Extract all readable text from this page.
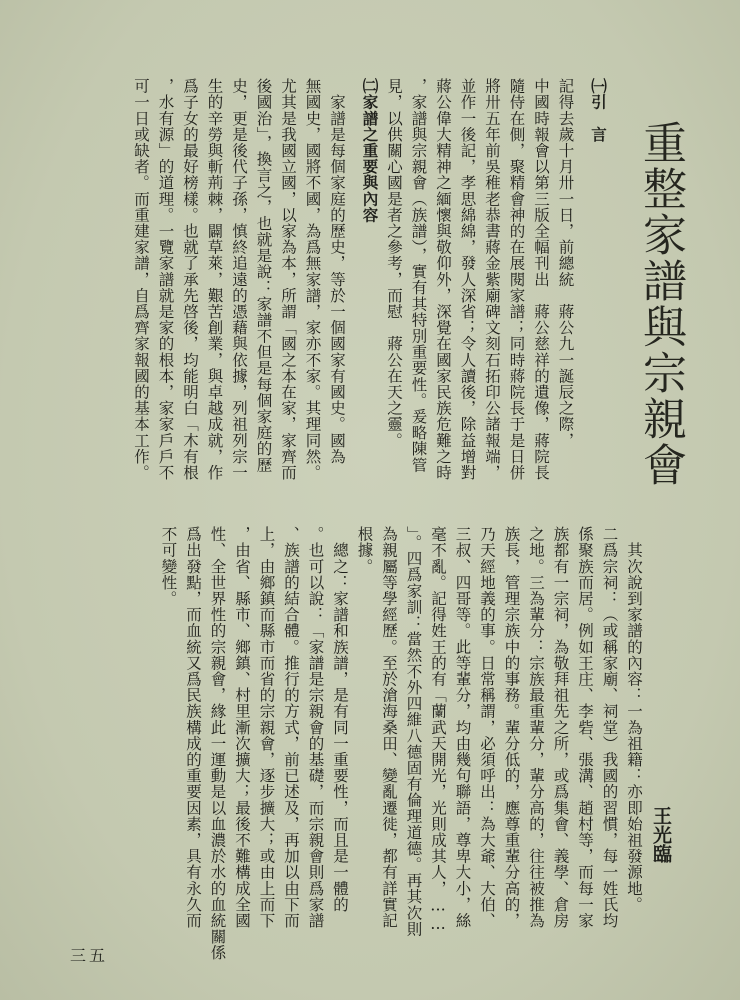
重整家譜與宗親會
王光臨
㈠引　言

記得去歲十月卅一日，前總統　蔣公九一誕辰之際，

中國時報會以第三版全幅刊出　蔣公慈祥的遺像，蔣院長

隨侍在側，聚精會神的在展閱家譜；同時蔣院長于是日併

將卅五年前吳稚老恭書蔣金紫廟碑文刻石拓印公諸報端，

並作一後記，孝思綿綿，發人深省；令人讀後，除益增對

蔣公偉大精神之緬懷與敬仰外，深覺在國家民族危難之時

，家譜與宗親會（族譜），實有其特別重要性。爰略陳管

見，以供關心國是者之參考，而慰　蔣公在天之靈。

㈡家譜之重要與內容

　家譜是每個家庭的歷史，等於一個國家有國史。國為

無國史，國將不國，為爲無家譜，家亦不家。其理同然。

尤其是我國立國，以家為本，所謂「國之本在家，家齊而

後國治」，換言之，也就是說：家譜不但是每個家庭的歷

史，更是後代子孫，慎終追遠的憑藉與依據，列祖列宗一

生的辛勞與斬荊棘，闢草萊，艱苦創業，與卓越成就，作

爲子女的最好榜樣。也就了承先啓後，均能明白「木有根

，水有源」的道理。一覽家譜就是家的根本，家家戶戶不

可一日或缺者。而重建家譜，自爲齊家報國的基本工作。

　其次說到家譜的內容：一為祖籍：亦即始祖發源地。

二爲宗祠：（或稱家廟、祠堂）我國的習慣，每一姓氏均

係聚族而居。例如王庄、李砦、張溝、趙村等，而每一家

族都有一宗祠，為敬拜祖先之所，或爲集會、義學、倉房

之地。三為輩分：宗族最重輩分，輩分高的，往往被推為

族長，管理宗族中的事務。輩分低的，應尊重輩分高的，

乃天經地義的事。日常稱謂，必須呼出：為大爺、大伯、

三叔、四哥等。此等輩分，均由幾句聯語，尊卑大小，絲

毫不亂。記得姓王的有「蘭武天開光，光則成其人，……

」。四爲家訓：當然不外四維八德固有倫理道德。再其次則

為親屬等學經歷。至於滄海桑田、變亂遷徙，都有詳實記

根據。

　總之：家譜和族譜，是有同一重要性，而且是一體的

。也可以說：「家譜是宗親會的基礎，而宗親會則爲家譜

、族譜的結合體。推行的方式，前已述及，再加以由下而

上，由鄉鎮而縣市而省的宗親會，逐步擴大；或由上而下

，由省、縣市、鄉鎮、村里漸次擴大；最後不難構成全國

性、全世界性的宗親會，緣此一運動是以血濃於水的血統關係

爲出發點，而血統又爲民族構成的重要因素，具有永久而

不可變性。

三五
